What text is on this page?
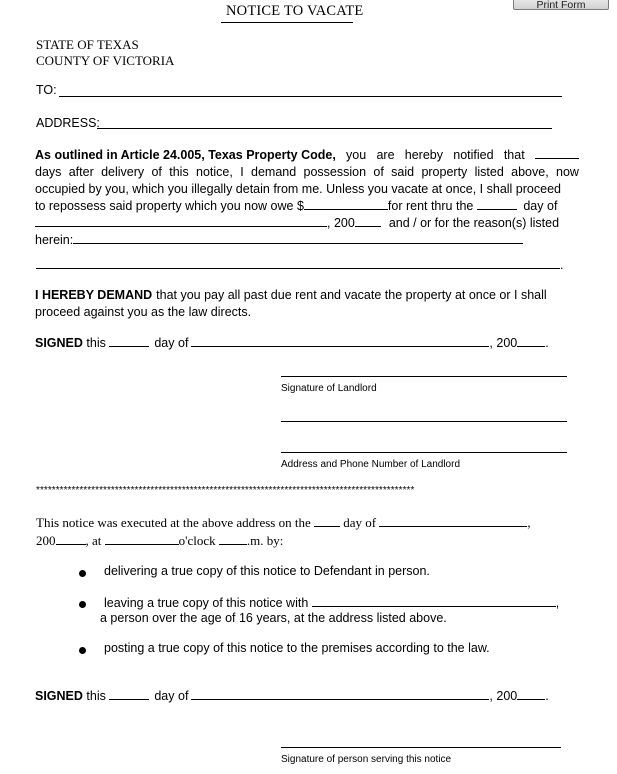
Print Form
NOTICE TO VACATE
STATE OF TEXAS
COUNTY OF VICTORIA
TO:
ADDRESS:
As outlined in Article 24.005, Texas Property Code, you are hereby notified that
days after delivery of this notice, I demand possession of said property listed above, now
occupied by you, which you illegally detain from me. Unless you vacate at once, I shall proceed
to repossess said property which you now owe $	for rent thru the	day of
, 200	and / or for the reason(s) listed
herein:
.
I HEREBY DEMAND that you pay all past due rent and vacate the property at once or I shall
proceed against you as the law directs.
SIGNED this	day of	, 200 .
Signature of Landlord
Address and Phone Number of Landlord
************************************************************************************************
This notice was executed at the above address on the	day of	,
200 , at	o'clock .m. by:
delivering a true copy of this notice to Defendant in person.
leaving a true copy of this notice with	,
a person over the age of 16 years, at the address listed above.
posting a true copy of this notice to the premises according to the law.
SIGNED this	day of	, 200 .
Signature of person serving this notice
